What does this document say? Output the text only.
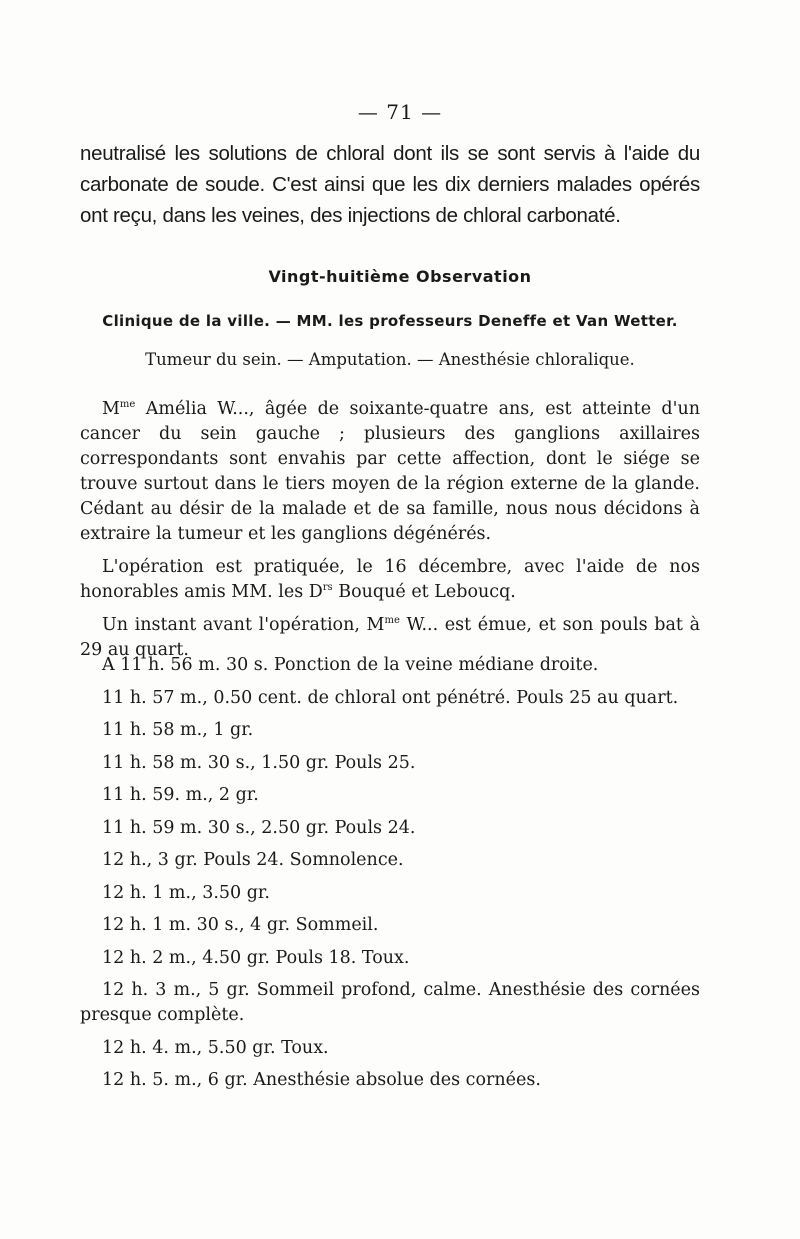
— 71 —

neutralisé les solutions de chloral dont ils se sont servis à l'aide du carbonate de soude. C'est ainsi que les dix derniers malades opérés ont reçu, dans les veines, des injections de chloral carbonaté.

Vingt-huitième Observation
Clinique de la ville. — MM. les professeurs Deneffe et Van Wetter.
Tumeur du sein. — Amputation. — Anesthésie chloralique.

$M^{me}$ Amélia W..., âgée de soixante-quatre ans, est atteinte d'un cancer du sein gauche ; plusieurs des ganglions axillaires correspondants sont envahis par cette affection, dont le siége se trouve surtout dans le tiers moyen de la région externe de la glande. Cédant au désir de la malade et de sa famille, nous nous décidons à extraire la tumeur et les ganglions dégénérés.

L'opération est pratiquée, le 16 décembre, avec l'aide de nos honorables amis MM. les $D^{rs}$ Bouqué et Leboucq.

Un instant avant l'opération, $M^{me}$ W... est émue, et son pouls bat à 29 au quart.

A 11 h. 56 m. 30 s. Ponction de la veine médiane droite.

11 h. 57 m., 0.50 cent. de chloral ont pénétré. Pouls 25 au quart.

11 h. 58 m., 1 gr.

11 h. 58 m. 30 s., 1.50 gr. Pouls 25.

11 h. 59. m., 2 gr.

11 h. 59 m. 30 s., 2.50 gr. Pouls 24.

12 h., 3 gr. Pouls 24. Somnolence.

12 h. 1 m., 3.50 gr.

12 h. 1 m. 30 s., 4 gr. Sommeil.

12 h. 2 m., 4.50 gr. Pouls 18. Toux.

12 h. 3 m., 5 gr. Sommeil profond, calme. Anesthésie des cornées presque complète.

12 h. 4. m., 5.50 gr. Toux.

12 h. 5. m., 6 gr. Anesthésie absolue des cornées.
